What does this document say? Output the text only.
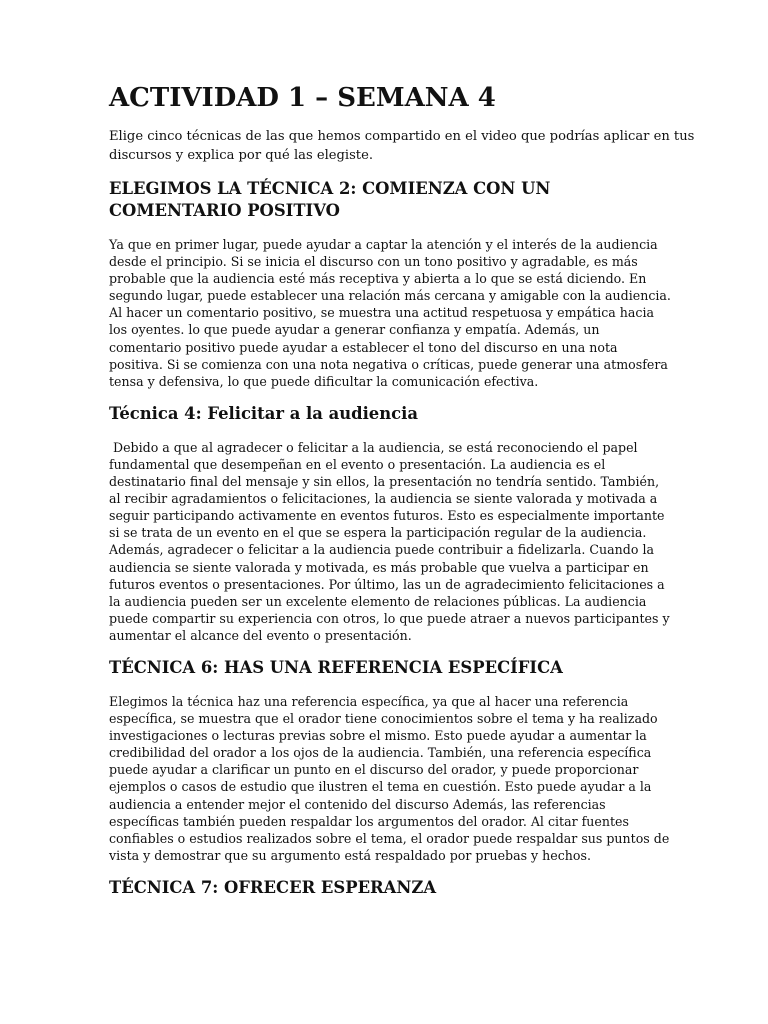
ACTIVIDAD 1 – SEMANA 4

Elige cinco técnicas de las que hemos compartido en el video que podrías aplicar en tus
discursos y explica por qué las elegiste.

ELEGIMOS LA TÉCNICA 2: COMIENZA CON UN
COMENTARIO POSITIVO

Ya que en primer lugar, puede ayudar a captar la atención y el interés de la audiencia
desde el principio. Si se inicia el discurso con un tono positivo y agradable, es más
probable que la audiencia esté más receptiva y abierta a lo que se está diciendo. En
segundo lugar, puede establecer una relación más cercana y amigable con la audiencia.
Al hacer un comentario positivo, se muestra una actitud respetuosa y empática hacia
los oyentes. lo que puede ayudar a generar confianza y empatía. Además, un
comentario positivo puede ayudar a establecer el tono del discurso en una nota
positiva. Si se comienza con una nota negativa o críticas, puede generar una atmosfera
tensa y defensiva, lo que puede dificultar la comunicación efectiva.

Técnica 4: Felicitar a la audiencia

Debido a que al agradecer o felicitar a la audiencia, se está reconociendo el papel
fundamental que desempeñan en el evento o presentación. La audiencia es el
destinatario final del mensaje y sin ellos, la presentación no tendría sentido. También,
al recibir agradamientos o felicitaciones, la audiencia se siente valorada y motivada a
seguir participando activamente en eventos futuros. Esto es especialmente importante
si se trata de un evento en el que se espera la participación regular de la audiencia.
Además, agradecer o felicitar a la audiencia puede contribuir a fidelizarla. Cuando la
audiencia se siente valorada y motivada, es más probable que vuelva a participar en
futuros eventos o presentaciones. Por último, las un de agradecimiento felicitaciones a
la audiencia pueden ser un excelente elemento de relaciones públicas. La audiencia
puede compartir su experiencia con otros, lo que puede atraer a nuevos participantes y
aumentar el alcance del evento o presentación.

TÉCNICA 6: HAS UNA REFERENCIA ESPECÍFICA

Elegimos la técnica haz una referencia específica, ya que al hacer una referencia
específica, se muestra que el orador tiene conocimientos sobre el tema y ha realizado
investigaciones o lecturas previas sobre el mismo. Esto puede ayudar a aumentar la
credibilidad del orador a los ojos de la audiencia. También, una referencia específica
puede ayudar a clarificar un punto en el discurso del orador, y puede proporcionar
ejemplos o casos de estudio que ilustren el tema en cuestión. Esto puede ayudar a la
audiencia a entender mejor el contenido del discurso Además, las referencias
específicas también pueden respaldar los argumentos del orador. Al citar fuentes
confiables o estudios realizados sobre el tema, el orador puede respaldar sus puntos de
vista y demostrar que su argumento está respaldado por pruebas y hechos.

TÉCNICA 7: OFRECER ESPERANZA
